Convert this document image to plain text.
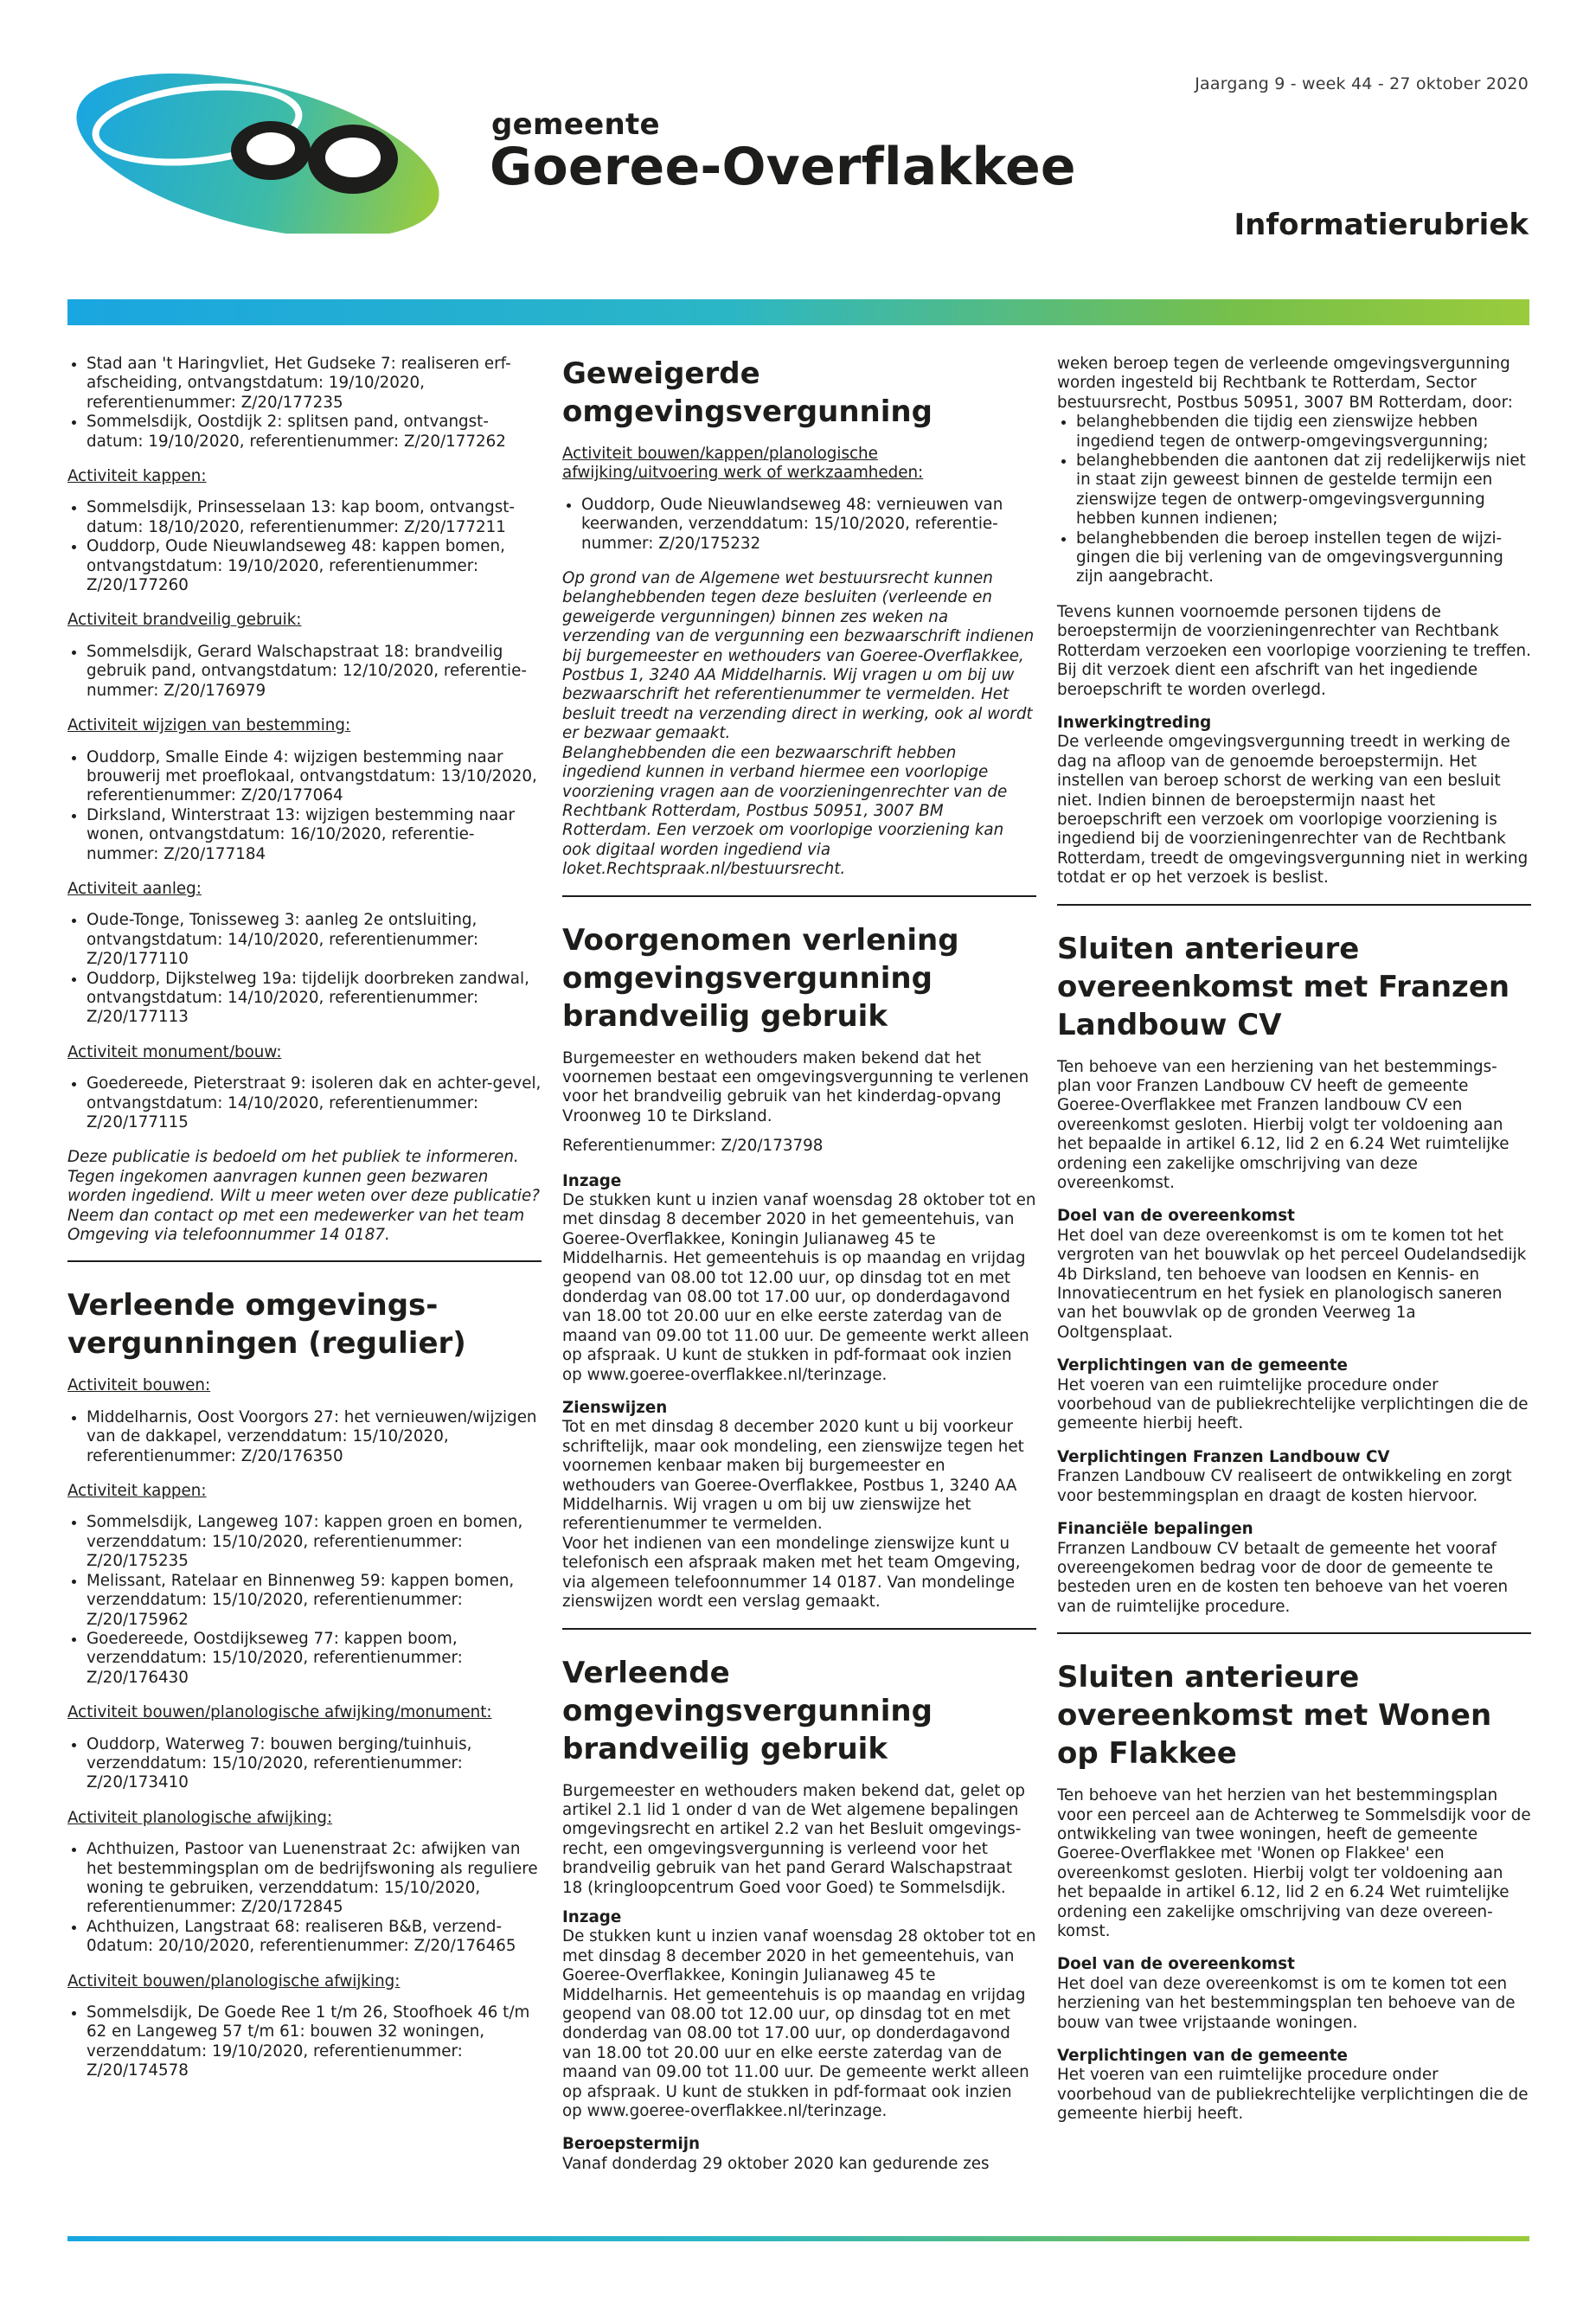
Jaargang 9 - week 44 - 27 oktober 2020
gemeente
Goeree-Overflakkee
Informatierubriek
• Stad aan 't Haringvliet, Het Gudseke 7: realiseren erf-afscheiding, ontvangstdatum: 19/10/2020, referentienummer: Z/20/177235
• Sommelsdijk, Oostdijk 2: splitsen pand, ontvangst-datum: 19/10/2020, referentienummer: Z/20/177262
Activiteit kappen:
• Sommelsdijk, Prinsesselaan 13: kap boom, ontvangst-datum: 18/10/2020, referentienummer: Z/20/177211
• Ouddorp, Oude Nieuwlandseweg 48: kappen bomen, ontvangstdatum: 19/10/2020, referentienummer: Z/20/177260
Activiteit brandveilig gebruik:
• Sommelsdijk, Gerard Walschapstraat 18: brandveilig gebruik pand, ontvangstdatum: 12/10/2020, referentie-nummer: Z/20/176979
Activiteit wijzigen van bestemming:
• Ouddorp, Smalle Einde 4: wijzigen bestemming naar brouwerij met proeflokaal, ontvangstdatum: 13/10/2020, referentienummer: Z/20/177064
• Dirksland, Winterstraat 13: wijzigen bestemming naar wonen, ontvangstdatum: 16/10/2020, referentie-nummer: Z/20/177184
Activiteit aanleg:
• Oude-Tonge, Tonisseweg 3: aanleg 2e ontsluiting, ontvangstdatum: 14/10/2020, referentienummer: Z/20/177110
• Ouddorp, Dijkstelweg 19a: tijdelijk doorbreken zandwal, ontvangstdatum: 14/10/2020, referentienummer: Z/20/177113
Activiteit monument/bouw:
• Goedereede, Pieterstraat 9: isoleren dak en achter-gevel, ontvangstdatum: 14/10/2020, referentienummer: Z/20/177115

Deze publicatie is bedoeld om het publiek te informeren. Tegen ingekomen aanvragen kunnen geen bezwaren worden ingediend. Wilt u meer weten over deze publicatie? Neem dan contact op met een medewerker van het team Omgeving via telefoonnummer 14 0187.

Verleende omgevings-vergunningen (regulier)
Activiteit bouwen:
• Middelharnis, Oost Voorgors 27: het vernieuwen/wijzigen van de dakkapel, verzenddatum: 15/10/2020, referentienummer: Z/20/176350
Activiteit kappen:
• Sommelsdijk, Langeweg 107: kappen groen en bomen, verzenddatum: 15/10/2020, referentienummer: Z/20/175235
• Melissant, Ratelaar en Binnenweg 59: kappen bomen, verzenddatum: 15/10/2020, referentienummer: Z/20/175962
• Goedereede, Oostdijkseweg 77: kappen boom, verzenddatum: 15/10/2020, referentienummer: Z/20/176430
Activiteit bouwen/planologische afwijking/monument:
• Ouddorp, Waterweg 7: bouwen berging/tuinhuis, verzenddatum: 15/10/2020, referentienummer: Z/20/173410
Activiteit planologische afwijking:
• Achthuizen, Pastoor van Luenenstraat 2c: afwijken van het bestemmingsplan om de bedrijfswoning als reguliere woning te gebruiken, verzenddatum: 15/10/2020, referentienummer: Z/20/172845
• Achthuizen, Langstraat 68: realiseren B&B, verzend-0datum: 20/10/2020, referentienummer: Z/20/176465
Activiteit bouwen/planologische afwijking:
• Sommelsdijk, De Goede Ree 1 t/m 26, Stoofhoek 46 t/m 62 en Langeweg 57 t/m 61: bouwen 32 woningen, verzenddatum: 19/10/2020, referentienummer: Z/20/174578
Geweigerde omgevingsvergunning
Activiteit bouwen/kappen/planologische afwijking/uitvoering werk of werkzaamheden:
• Ouddorp, Oude Nieuwlandseweg 48: vernieuwen van keerwanden, verzenddatum: 15/10/2020, referentie-nummer: Z/20/175232

Op grond van de Algemene wet bestuursrecht kunnen belanghebbenden tegen deze besluiten (verleende en geweigerde vergunningen) binnen zes weken na verzending van de vergunning een bezwaarschrift indienen bij burgemeester en wethouders van Goeree-Overflakkee, Postbus 1, 3240 AA Middelharnis. Wij vragen u om bij uw bezwaarschrift het referentienummer te vermelden. Het besluit treedt na verzending direct in werking, ook al wordt er bezwaar gemaakt.

Belanghebbenden die een bezwaarschrift hebben ingediend kunnen in verband hiermee een voorlopige voorziening vragen aan de voorzieningenrechter van de Rechtbank Rotterdam, Postbus 50951, 3007 BM Rotterdam. Een verzoek om voorlopige voorziening kan ook digitaal worden ingediend via loket.Rechtspraak.nl/bestuursrecht.

Voorgenomen verlening omgevingsvergunning brandveilig gebruik

Burgemeester en wethouders maken bekend dat het voornemen bestaat een omgevingsvergunning te verlenen voor het brandveilig gebruik van het kinderdag-opvang Vroonweg 10 te Dirksland.

Referentienummer: Z/20/173798

Inzage

De stukken kunt u inzien vanaf woensdag 28 oktober tot en met dinsdag 8 december 2020 in het gemeentehuis, van Goeree-Overflakkee, Koningin Julianaweg 45 te Middelharnis. Het gemeentehuis is op maandag en vrijdag geopend van 08.00 tot 12.00 uur, op dinsdag tot en met donderdag van 08.00 tot 17.00 uur, op donderdagavond van 18.00 tot 20.00 uur en elke eerste zaterdag van de maand van 09.00 tot 11.00 uur. De gemeente werkt alleen op afspraak. U kunt de stukken in pdf-formaat ook inzien op www.goeree-overflakkee.nl/terinzage.

Zienswijzen

Tot en met dinsdag 8 december 2020 kunt u bij voorkeur schriftelijk, maar ook mondeling, een zienswijze tegen het voornemen kenbaar maken bij burgemeester en wethouders van Goeree-Overflakkee, Postbus 1, 3240 AA Middelharnis. Wij vragen u om bij uw zienswijze het referentienummer te vermelden.

Voor het indienen van een mondelinge zienswijze kunt u telefonisch een afspraak maken met het team Omgeving, via algemeen telefoonnummer 14 0187. Van mondelinge zienswijzen wordt een verslag gemaakt.

Verleende omgevingsvergunning brandveilig gebruik

Burgemeester en wethouders maken bekend dat, gelet op artikel 2.1 lid 1 onder d van de Wet algemene bepalingen omgevingsrecht en artikel 2.2 van het Besluit omgevings-recht, een omgevingsvergunning is verleend voor het brandveilig gebruik van het pand Gerard Walschapstraat 18 (kringloopcentrum Goed voor Goed) te Sommelsdijk.

Inzage

De stukken kunt u inzien vanaf woensdag 28 oktober tot en met dinsdag 8 december 2020 in het gemeentehuis, van Goeree-Overflakkee, Koningin Julianaweg 45 te Middelharnis. Het gemeentehuis is op maandag en vrijdag geopend van 08.00 tot 12.00 uur, op dinsdag tot en met donderdag van 08.00 tot 17.00 uur, op donderdagavond van 18.00 tot 20.00 uur en elke eerste zaterdag van de maand van 09.00 tot 11.00 uur. De gemeente werkt alleen op afspraak. U kunt de stukken in pdf-formaat ook inzien op www.goeree-overflakkee.nl/terinzage.

Beroepstermijn

Vanaf donderdag 29 oktober 2020 kan gedurende zes

weken beroep tegen de verleende omgevingsvergunning worden ingesteld bij Rechtbank te Rotterdam, Sector bestuursrecht, Postbus 50951, 3007 BM Rotterdam, door:

• belanghebbenden die tijdig een zienswijze hebben ingediend tegen de ontwerp-omgevingsvergunning;
• belanghebbenden die aantonen dat zij redelijkerwijs niet in staat zijn geweest binnen de gestelde termijn een zienswijze tegen de ontwerp-omgevingsvergunning hebben kunnen indienen;
• belanghebbenden die beroep instellen tegen de wijzi-gingen die bij verlening van de omgevingsvergunning zijn aangebracht.

Tevens kunnen voornoemde personen tijdens de beroepstermijn de voorzieningenrechter van Rechtbank Rotterdam verzoeken een voorlopige voorziening te treffen. Bij dit verzoek dient een afschrift van het ingediende beroepschrift te worden overlegd.

Inwerkingtreding

De verleende omgevingsvergunning treedt in werking de dag na afloop van de genoemde beroepstermijn. Het instellen van beroep schorst de werking van een besluit niet. Indien binnen de beroepstermijn naast het beroepschrift een verzoek om voorlopige voorziening is ingediend bij de voorzieningenrechter van de Rechtbank Rotterdam, treedt de omgevingsvergunning niet in werking totdat er op het verzoek is beslist.

Sluiten anterieure overeenkomst met Franzen Landbouw CV

Ten behoeve van een herziening van het bestemmings-plan voor Franzen Landbouw CV heeft de gemeente Goeree-Overflakkee met Franzen landbouw CV een overeenkomst gesloten. Hierbij volgt ter voldoening aan het bepaalde in artikel 6.12, lid 2 en 6.24 Wet ruimtelijke ordening een zakelijke omschrijving van deze overeenkomst.

Doel van de overeenkomst

Het doel van deze overeenkomst is om te komen tot het vergroten van het bouwvlak op het perceel Oudelandsedijk 4b Dirksland, ten behoeve van loodsen en Kennis- en Innovatiecentrum en het fysiek en planologisch saneren van het bouwvlak op de gronden Veerweg 1a Ooltgensplaat.

Verplichtingen van de gemeente

Het voeren van een ruimtelijke procedure onder voorbehoud van de publiekrechtelijke verplichtingen die de gemeente hierbij heeft.

Verplichtingen Franzen Landbouw CV

Franzen Landbouw CV realiseert de ontwikkeling en zorgt voor bestemmingsplan en draagt de kosten hiervoor.

Financiële bepalingen

Frranzen Landbouw CV betaalt de gemeente het vooraf overeengekomen bedrag voor de door de gemeente te besteden uren en de kosten ten behoeve van het voeren van de ruimtelijke procedure.

Sluiten anterieure overeenkomst met Wonen op Flakkee

Ten behoeve van het herzien van het bestemmingsplan voor een perceel aan de Achterweg te Sommelsdijk voor de ontwikkeling van twee woningen, heeft de gemeente Goeree-Overflakkee met 'Wonen op Flakkee' een overeenkomst gesloten. Hierbij volgt ter voldoening aan het bepaalde in artikel 6.12, lid 2 en 6.24 Wet ruimtelijke ordening een zakelijke omschrijving van deze overeen-komst.

Doel van de overeenkomst

Het doel van deze overeenkomst is om te komen tot een herziening van het bestemmingsplan ten behoeve van de bouw van twee vrijstaande woningen.

Verplichtingen van de gemeente

Het voeren van een ruimtelijke procedure onder voorbehoud van de publiekrechtelijke verplichtingen die de gemeente hierbij heeft.
